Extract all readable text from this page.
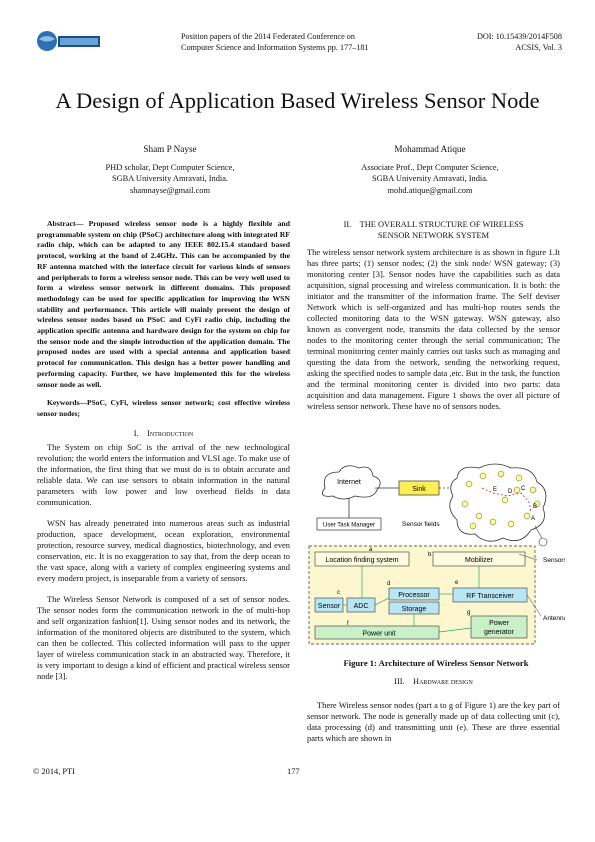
Position papers of the 2014 Federated Conference on
Computer Science and Information Systems pp. 177–181
DOI: 10.15439/2014F508
ACSIS, Vol. 3
A Design of Application Based Wireless Sensor Node
Sham P Nayse
PHD scholar, Dept Computer Science,
SGBA University Amravati, India.
shamnayse@gmail.com
Mohammad Atique
Associate Prof., Dept Computer Science,
SGBA University Amravati, India.
mohd.atique@gmail.com
Abstract— Proposed wireless sensor node is a highly flexible and programmable system on chip (PSoC) architecture along with integrated RF radio chip, which can be adapted to any IEEE 802.15.4 standard based protocol, working at the band of 2.4GHz. This can be accompanied by the RF antenna matched with the interface circuit for various kinds of sensors and peripherals to form a wireless sensor node. This can be very well used to form a wireless sensor network in different domains. This proposed methodology can be used for specific application for improving the WSN stability and performance. This article will mainly present the design of wireless sensor nodes based on PSoC and CyFi radio chip, including the application specific antenna and hardware design for the system on chip for the sensor node and the simple introduction of the application domain. The proposed nodes are used with a special antenna and application based protocol for communication. This design has a better power handling and performing capacity. Further, we have implemented this for the wireless sensor node as well.
Keywords—PSoC, CyFi, wireless sensor network; cost effective wireless sensor nodes;
I. Introduction

The System on chip SoC is the arrival of the new technological revolution; the world enters the information and VLSI age. To make use of the information, the first thing that we must do is to obtain accurate and reliable data. We can use sensors to obtain information in the natural parameters with low power and low overhead fields in data communication.

WSN has already penetrated into numerous areas such as industrial production, space development, ocean exploration, environmental protection, resource survey, medical diagnostics, biotechnology, and even conservation, etc. It is no exaggeration to say that, from the deep ocean to the vast space, along with a variety of complex engineering systems and every modern project, is inseparable from a variety of sensors.

The Wireless Sensor Network is composed of a set of sensor nodes. The sensor nodes form the communication network in the of multi-hop and self organization fashion[1]. Using sensor nodes and its network, the information of the monitored objects are distributed to the system, which can then be collected. This collected information will pass to the upper layer of wireless communication stack in an abstracted way. Therefore, it is very important to design a kind of efficient and practical wireless sensor node [3].

II. THE OVERALL STRUCTURE OF WIRELESS
SENSOR NETWORK SYSTEM

The wireless sensor network system architecture is as shown in figure 1.It has three parts; (1) sensor nodes; (2) the sink node/ WSN gateway; (3) monitoring center [3]. Sensor nodes have the capabilities such as data acquisition, signal processing and wireless communication. It is both: the initiator and the transmitter of the information frame. The Self deviser Network which is self-organized and has multi-hop routes sends the collected monitoring data to the WSN gateway. WSN gateway, also known as convergent node, transmits the data collected by the sensor nodes to the monitoring center through the serial communication; The terminal monitoring center mainly carries out tasks such as managing and questing the data from the network, sending the networking request, asking the specified nodes to sample data ,etc. But in the task, the function and the terminal monitoring center is divided into two parts: data acquisition and data management. Figure 1 shows the over all picture of wireless sensor network. These have no of sensors nodes.

Internet
Sink
User Task Manager	Sensor fields
E D C
B
A
Location finding system
a
Mobilizer
b
Sensor
c
ADC
Processor
d
Storage
RF Transceiver
e
Power unit
f	Power
generator
g
Sensors
Antenna
Figure 1: Architecture of Wireless Sensor Network
III. Hardware design

There Wireless sensor nodes (part a to g of Figure 1) are the key part of sensor network. The node is generally made up of data collecting unit (c), data processing (d) and transmitting unit (e). These are three essential parts which are shown in

© 2014, PTI	177
